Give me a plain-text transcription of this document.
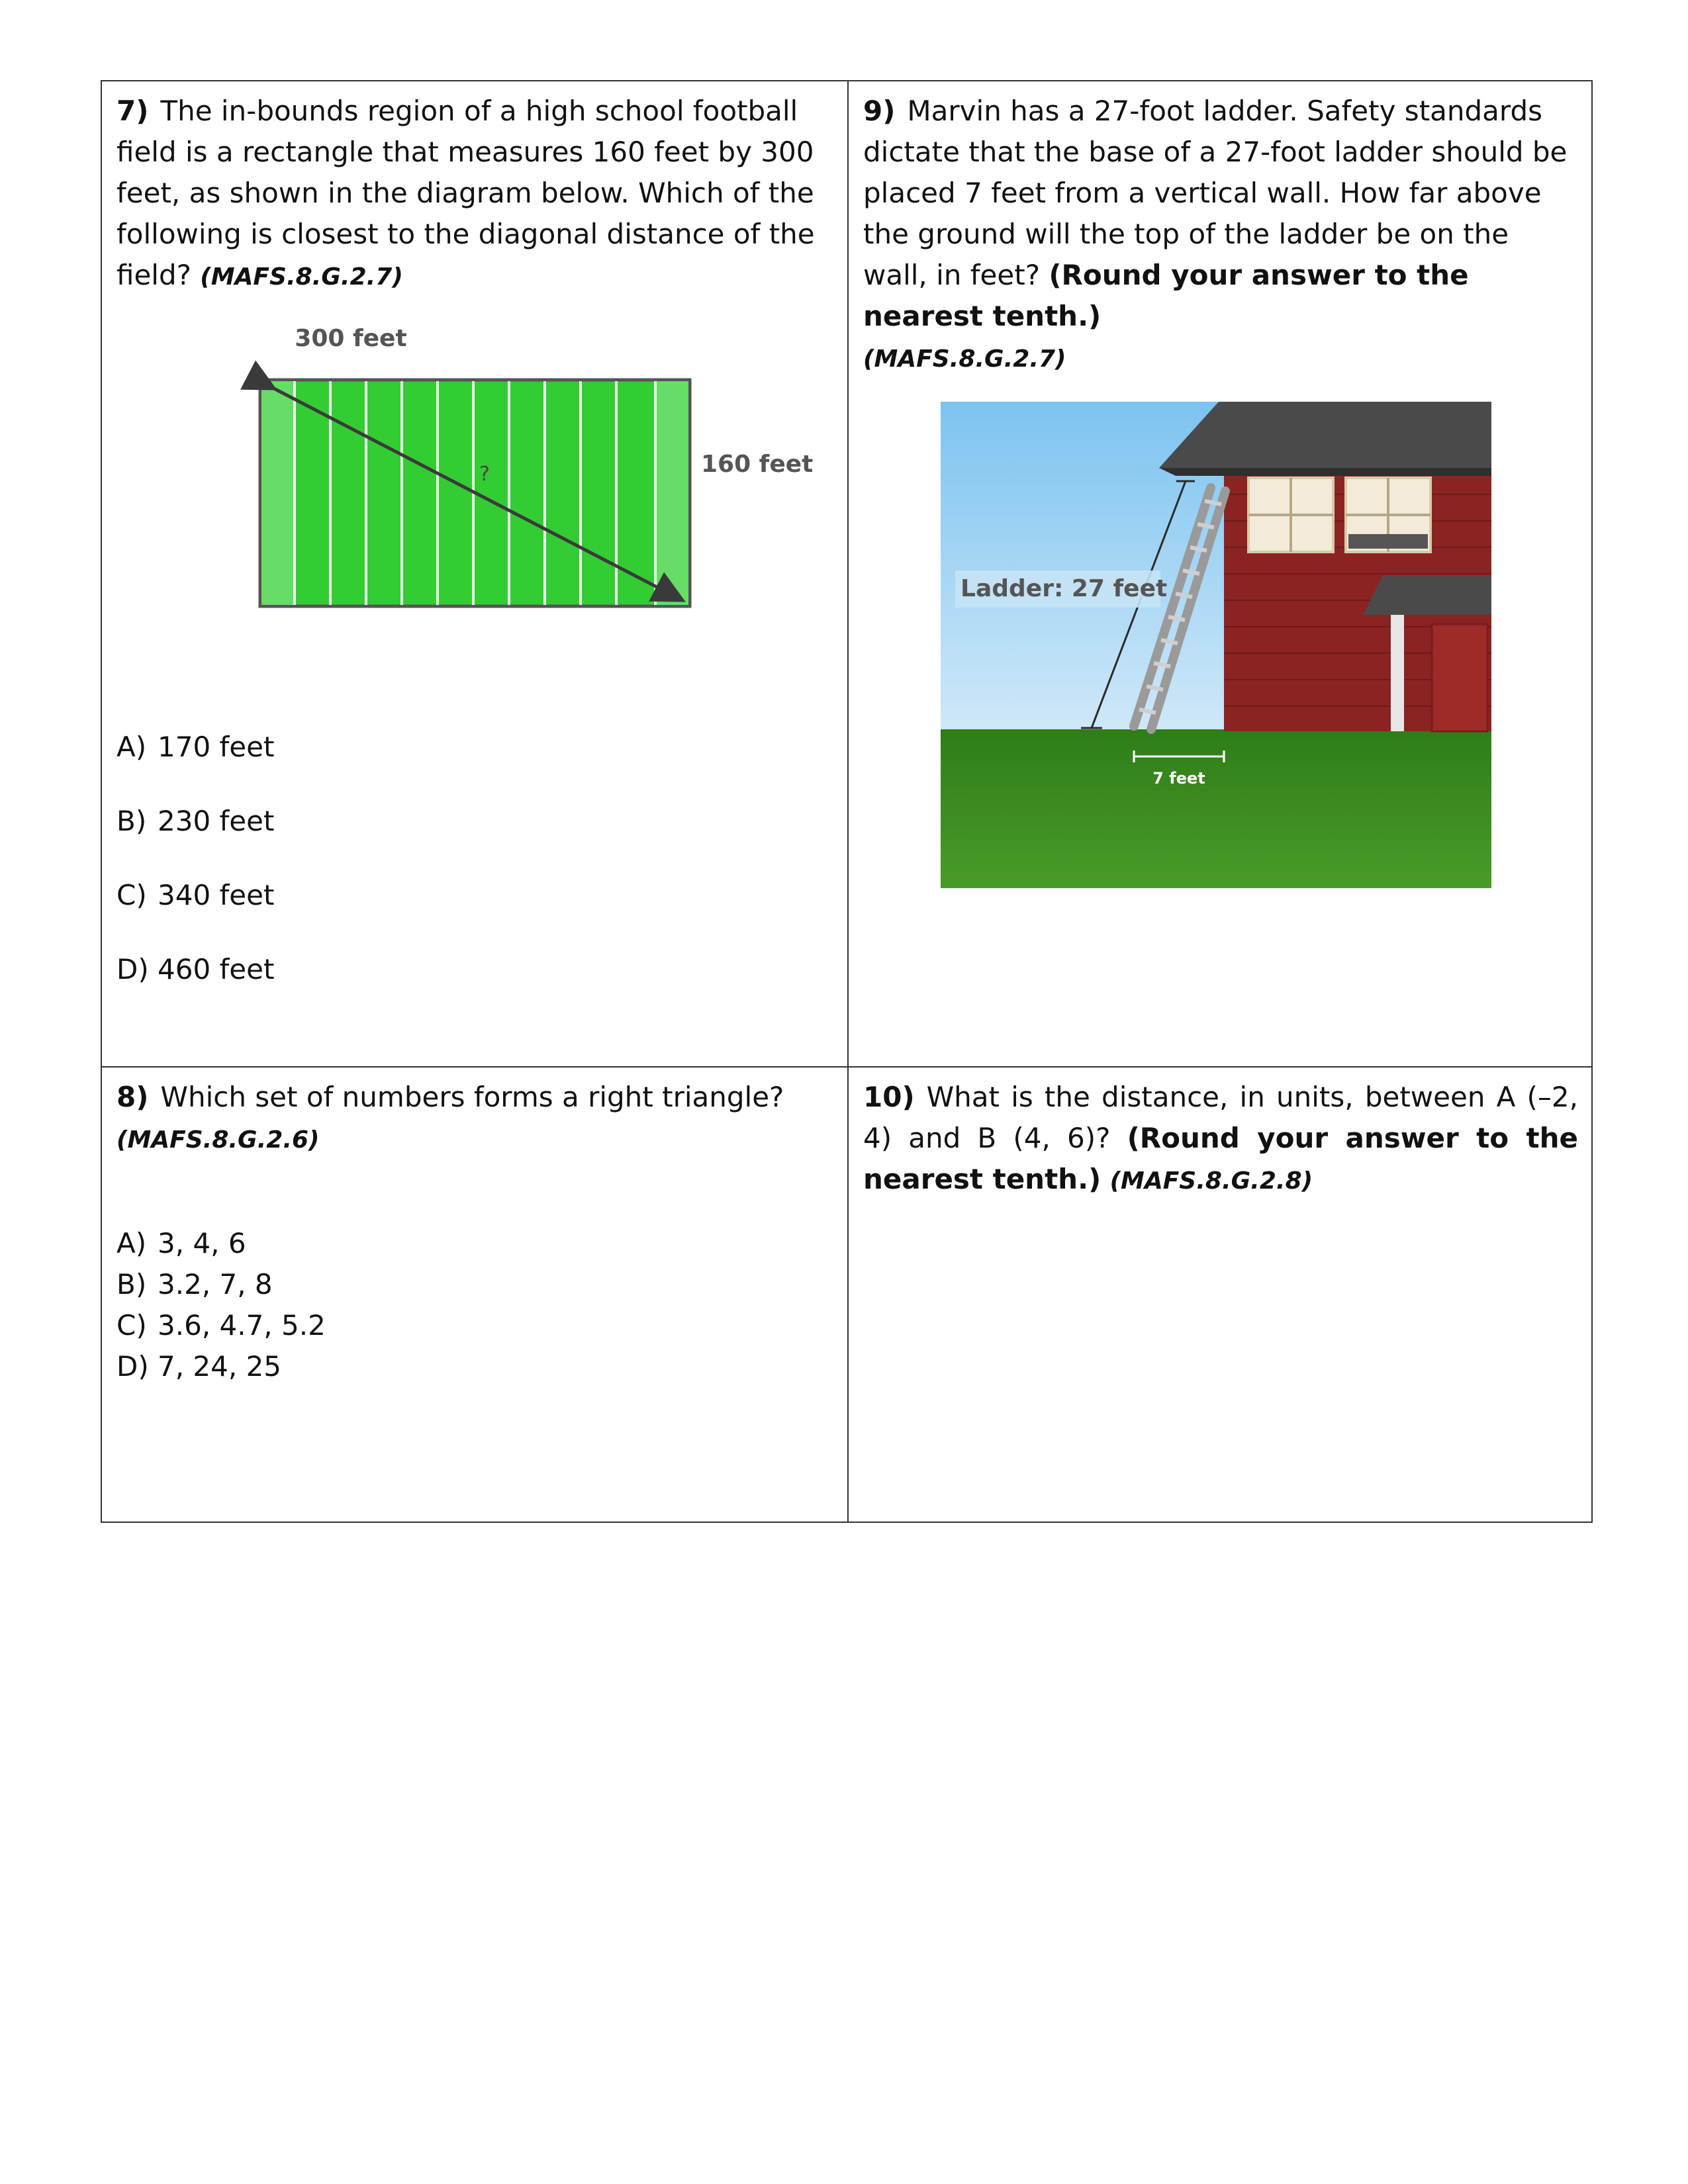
7) The in-bounds region of a high school football field is a rectangle that measures 160 feet by 300 feet, as shown in the diagram below. Which of the following is closest to the diagonal distance of the field? (MAFS.8.G.2.7)

300 feet
?	160 feet
A) 170 feet
B) 230 feet
C) 340 feet
D) 460 feet

9) Marvin has a 27-foot ladder. Safety standards dictate that the base of a 27-foot ladder should be placed 7 feet from a vertical wall. How far above the ground will the top of the ladder be on the wall, in feet? (Round your answer to the nearest tenth.)
(MAFS.8.G.2.7)

Ladder: 27 feet
7 feet

8) Which set of numbers forms a right triangle?
(MAFS.8.G.2.6)

A) 3, 4, 6
B) 3.2, 7, 8
C) 3.6, 4.7, 5.2
D) 7, 24, 25

10) What is the distance, in units, between A (–2, 4) and B (4, 6)? (Round your answer to the nearest tenth.) (MAFS.8.G.2.8)
